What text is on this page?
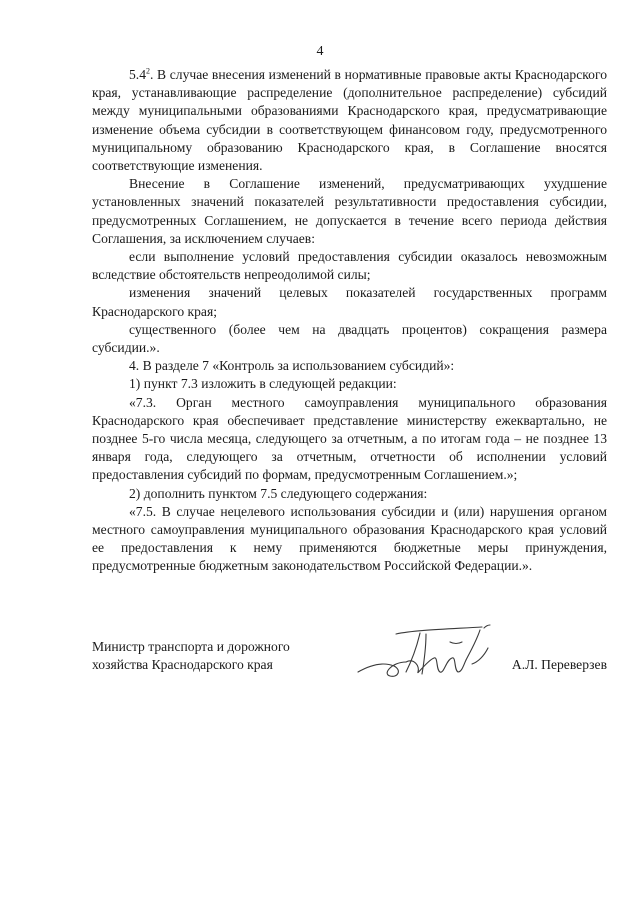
4

$5.4^2$. В случае внесения изменений в нормативные правовые акты Краснодарского края, устанавливающие распределение (дополнительное распределение) субсидий между муниципальными образованиями Краснодарского края, предусматривающие изменение объема субсидии в соответствующем финансовом году, предусмотренного муниципальному образованию Краснодарского края, в Соглашение вносятся соответствующие изменения.

Внесение в Соглашение изменений, предусматривающих ухудшение установленных значений показателей результативности предоставления субсидии, предусмотренных Соглашением, не допускается в течение всего периода действия Соглашения, за исключением случаев:

если выполнение условий предоставления субсидии оказалось невозможным вследствие обстоятельств непреодолимой силы;

изменения значений целевых показателей государственных программ Краснодарского края;

существенного (более чем на двадцать процентов) сокращения размера субсидии.».

4. В разделе 7 «Контроль за использованием субсидий»:

1) пункт 7.3 изложить в следующей редакции:

«7.3. Орган местного самоуправления муниципального образования Краснодарского края обеспечивает представление министерству ежеквартально, не позднее 5-го числа месяца, следующего за отчетным, а по итогам года – не позднее 13 января года, следующего за отчетным, отчетности об исполнении условий предоставления субсидий по формам, предусмотренным Соглашением.»;

2) дополнить пунктом 7.5 следующего содержания:

«7.5. В случае нецелевого использования субсидии и (или) нарушения органом местного самоуправления муниципального образования Краснодарского края условий ее предоставления к нему применяются бюджетные меры принуждения, предусмотренные бюджетным законодательством Российской Федерации.».

Министр транспорта и дорожного
хозяйства Краснодарского края	А.Л. Переверзев
